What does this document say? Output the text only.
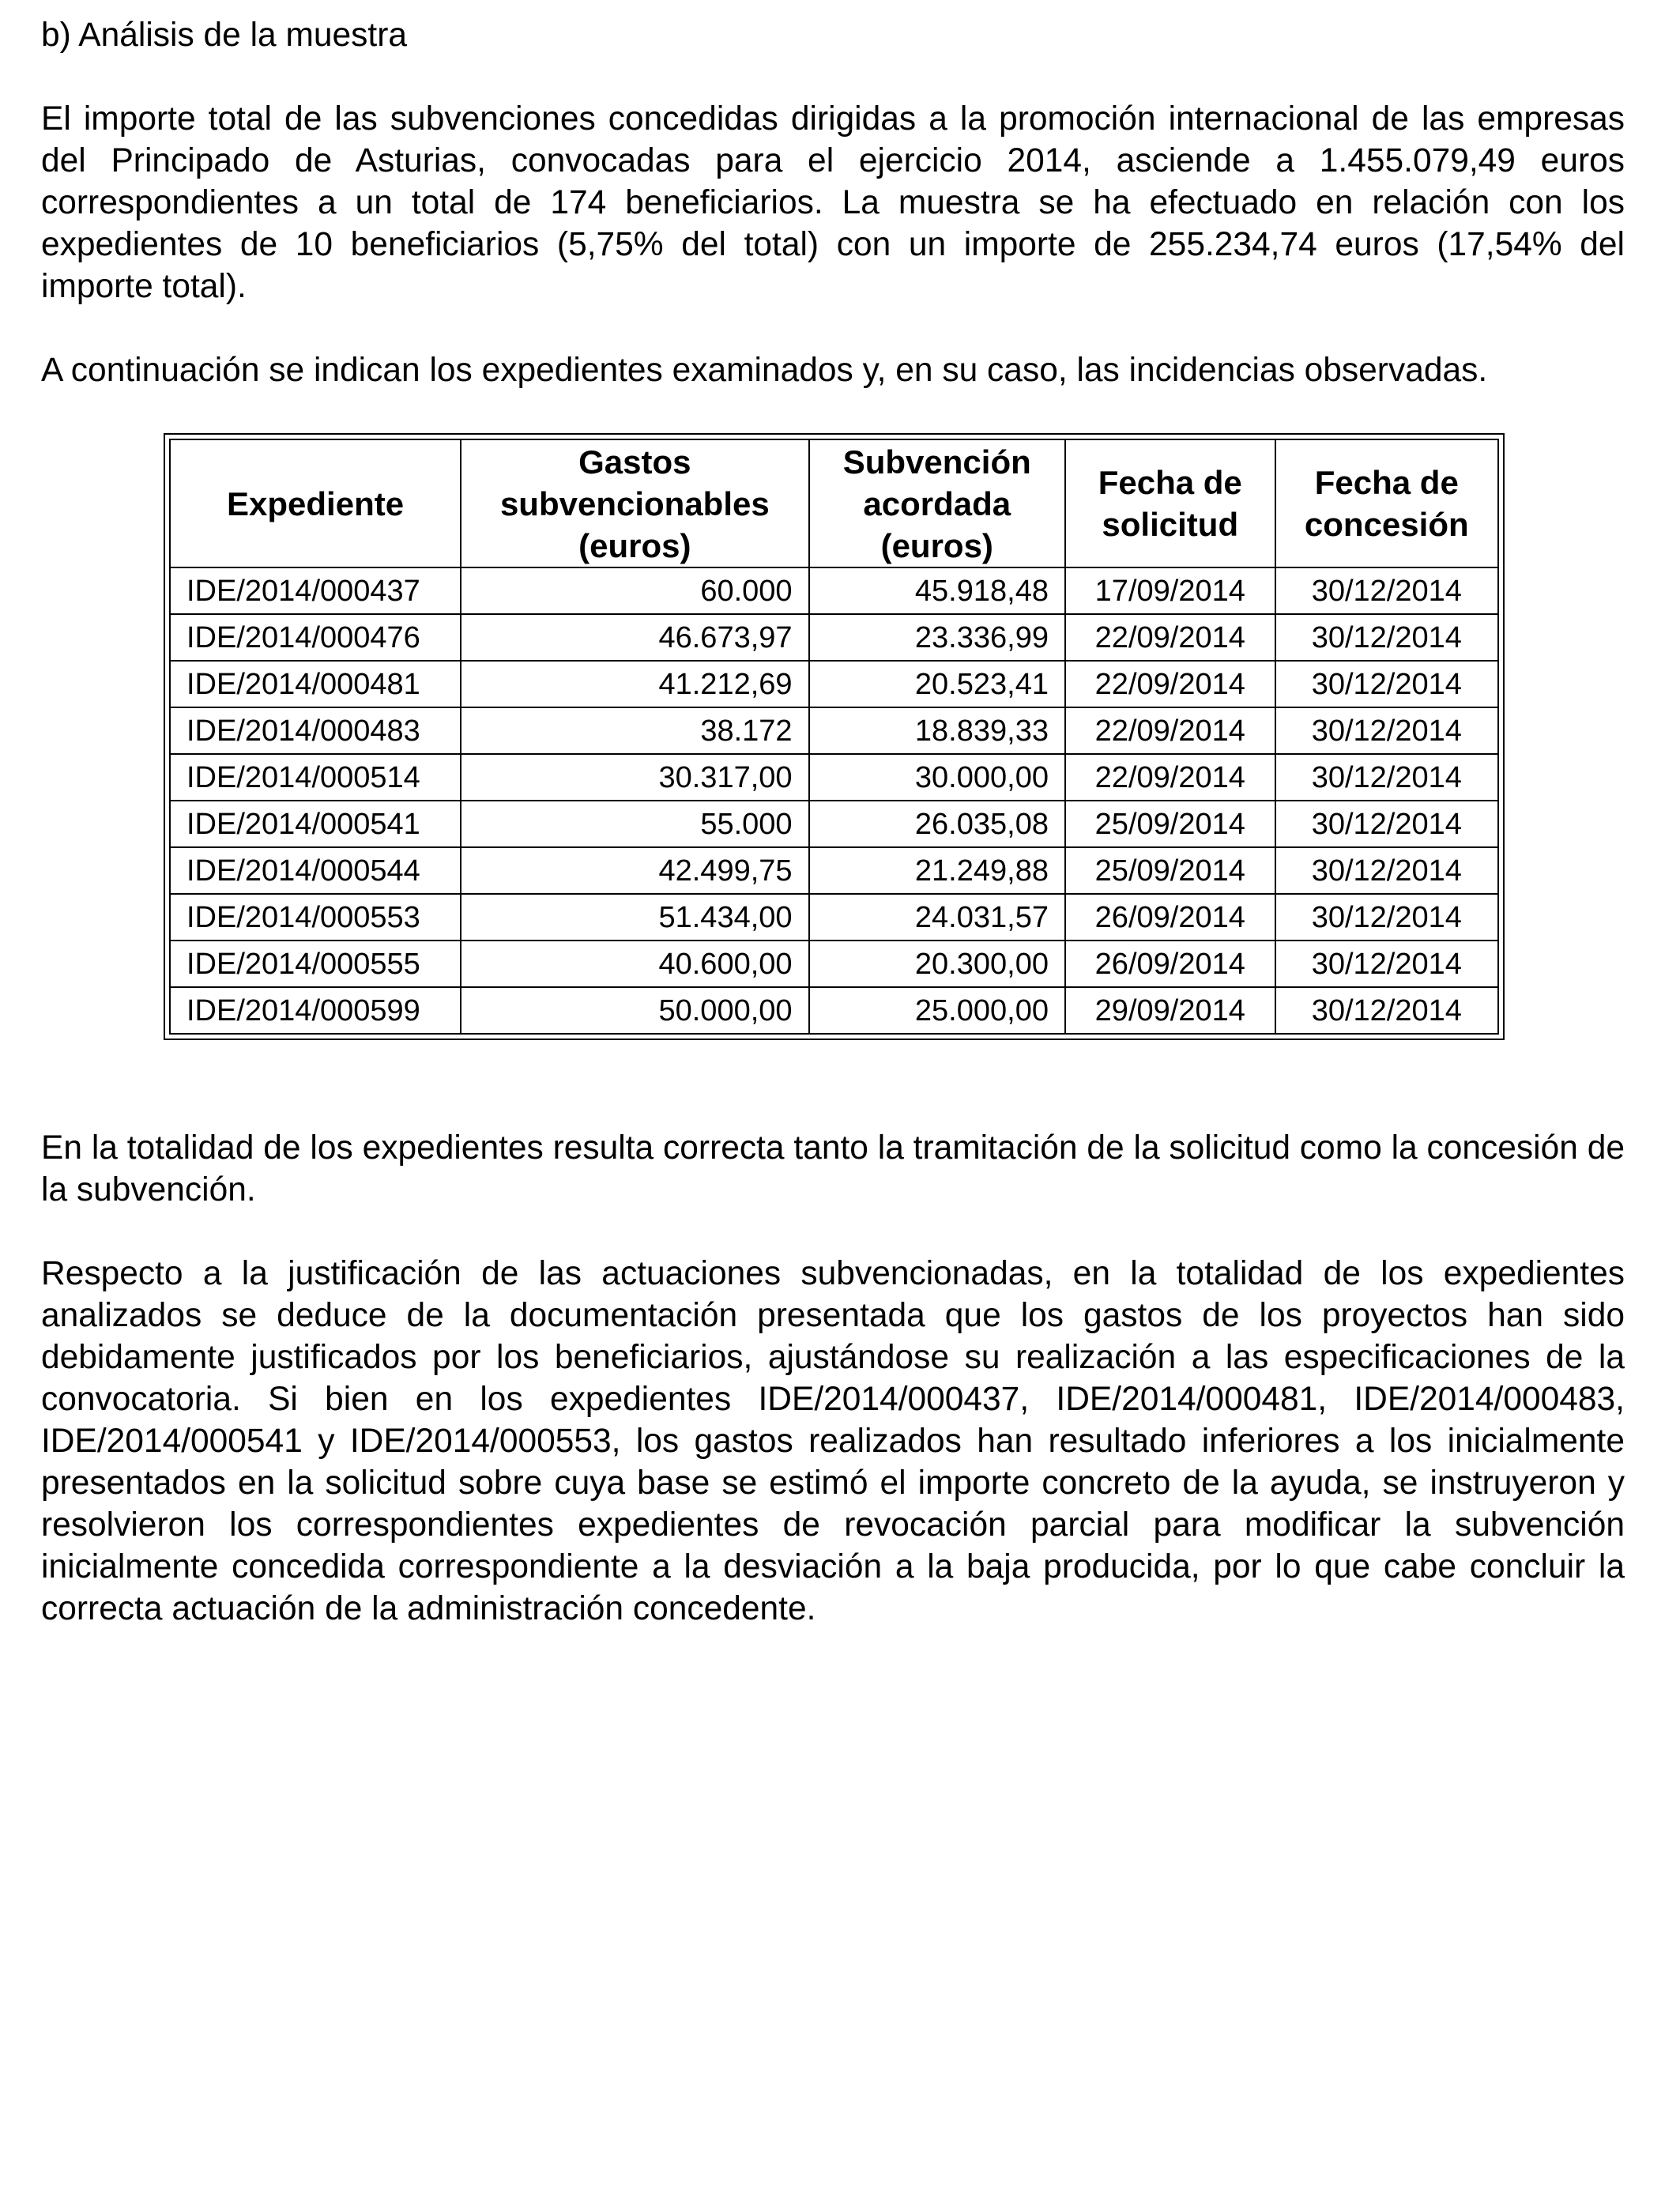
b) Análisis de la muestra

El importe total de las subvenciones concedidas dirigidas a la promoción internacional de las empresas del Principado de Asturias, convocadas para el ejercicio 2014, asciende a 1.455.079,49 euros correspondientes a un total de 174 beneficiarios. La muestra se ha efectuado en relación con los expedientes de 10 beneficiarios (5,75% del total) con un importe de 255.234,74 euros (17,54% del importe total).

A continuación se indican los expedientes examinados y, en su caso, las incidencias observadas.

Expediente	Gastos subvencionables (euros)	Subvención acordada (euros)	Fecha de solicitud	Fecha de concesión
IDE/2014/000437	60.000	45.918,48	17/09/2014	30/12/2014
IDE/2014/000476	46.673,97	23.336,99	22/09/2014	30/12/2014
IDE/2014/000481	41.212,69	20.523,41	22/09/2014	30/12/2014
IDE/2014/000483	38.172	18.839,33	22/09/2014	30/12/2014
IDE/2014/000514	30.317,00	30.000,00	22/09/2014	30/12/2014
IDE/2014/000541	55.000	26.035,08	25/09/2014	30/12/2014
IDE/2014/000544	42.499,75	21.249,88	25/09/2014	30/12/2014
IDE/2014/000553	51.434,00	24.031,57	26/09/2014	30/12/2014
IDE/2014/000555	40.600,00	20.300,00	26/09/2014	30/12/2014
IDE/2014/000599	50.000,00	25.000,00	29/09/2014	30/12/2014

En la totalidad de los expedientes resulta correcta tanto la tramitación de la solicitud como la concesión de la subvención.

Respecto a la justificación de las actuaciones subvencionadas, en la totalidad de los expedientes analizados se deduce de la documentación presentada que los gastos de los proyectos han sido debidamente justificados por los beneficiarios, ajustándose su realización a las especificaciones de la convocatoria. Si bien en los expedientes IDE/2014/000437, IDE/2014/000481, IDE/2014/000483, IDE/2014/000541 y IDE/2014/000553, los gastos realizados han resultado inferiores a los inicialmente presentados en la solicitud sobre cuya base se estimó el importe concreto de la ayuda, se instruyeron y resolvieron los correspondientes expedientes de revocación parcial para modificar la subvención inicialmente concedida correspondiente a la desviación a la baja producida, por lo que cabe concluir la correcta actuación de la administración concedente.
